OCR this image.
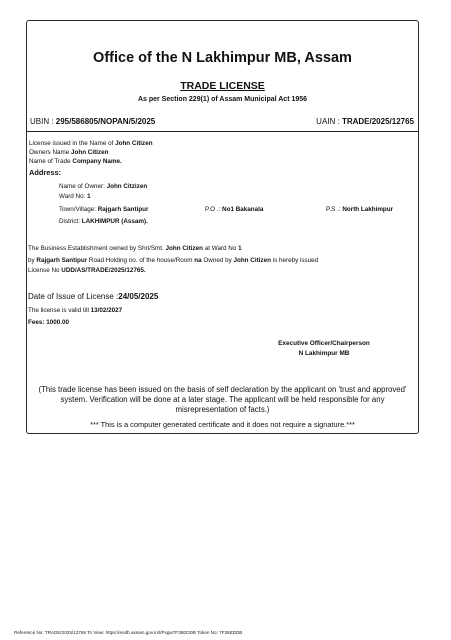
Office of the N Lakhimpur MB, Assam
TRADE LICENSE
As per Section 229(1) of Assam Municipal Act 1956
UBIN : 295/586805/NOPAN/5/2025	UAIN : TRADE/2025/12765
License issued in the Name of John Citizen
Owners Name John Citizen
Name of Trade Company Name.
Address:
Name of Owner: John Citzizen
Ward No: 1
Town/Village: Rajgarh Santipur	P.O .: No1 Bakanala	P.S .: North Lakhimpur
District: LAKHIMPUR (Assam).
The Business Establishment owned by Shri/Smt. John Citizen at Ward No 1
by Rajgarh Santipur Road Holding no. of the house/Room na Owned by John Citizen is hereby issued
License No UDD/AS/TRADE/2025/12765.
Date of Issue of License :24/05/2025
The license is valid till 13/02/2027
Fees: 1000.00
Executive Officer/Chairperson
N Lakhimpur MB
(This trade license has been issued on the basis of self declaration by the applicant on 'trust and approved' system. Verification will be done at a later stage. The applicant will be held responsible for any misrepresentation of facts.)
*** This is a computer generated certificate and it does not require a signature.***
Reference No: TRADE/2025/12765 To View: https://eodb.assam.gov.in/t/Pxgw7F35EDDB Token No: 7F35EDDB
